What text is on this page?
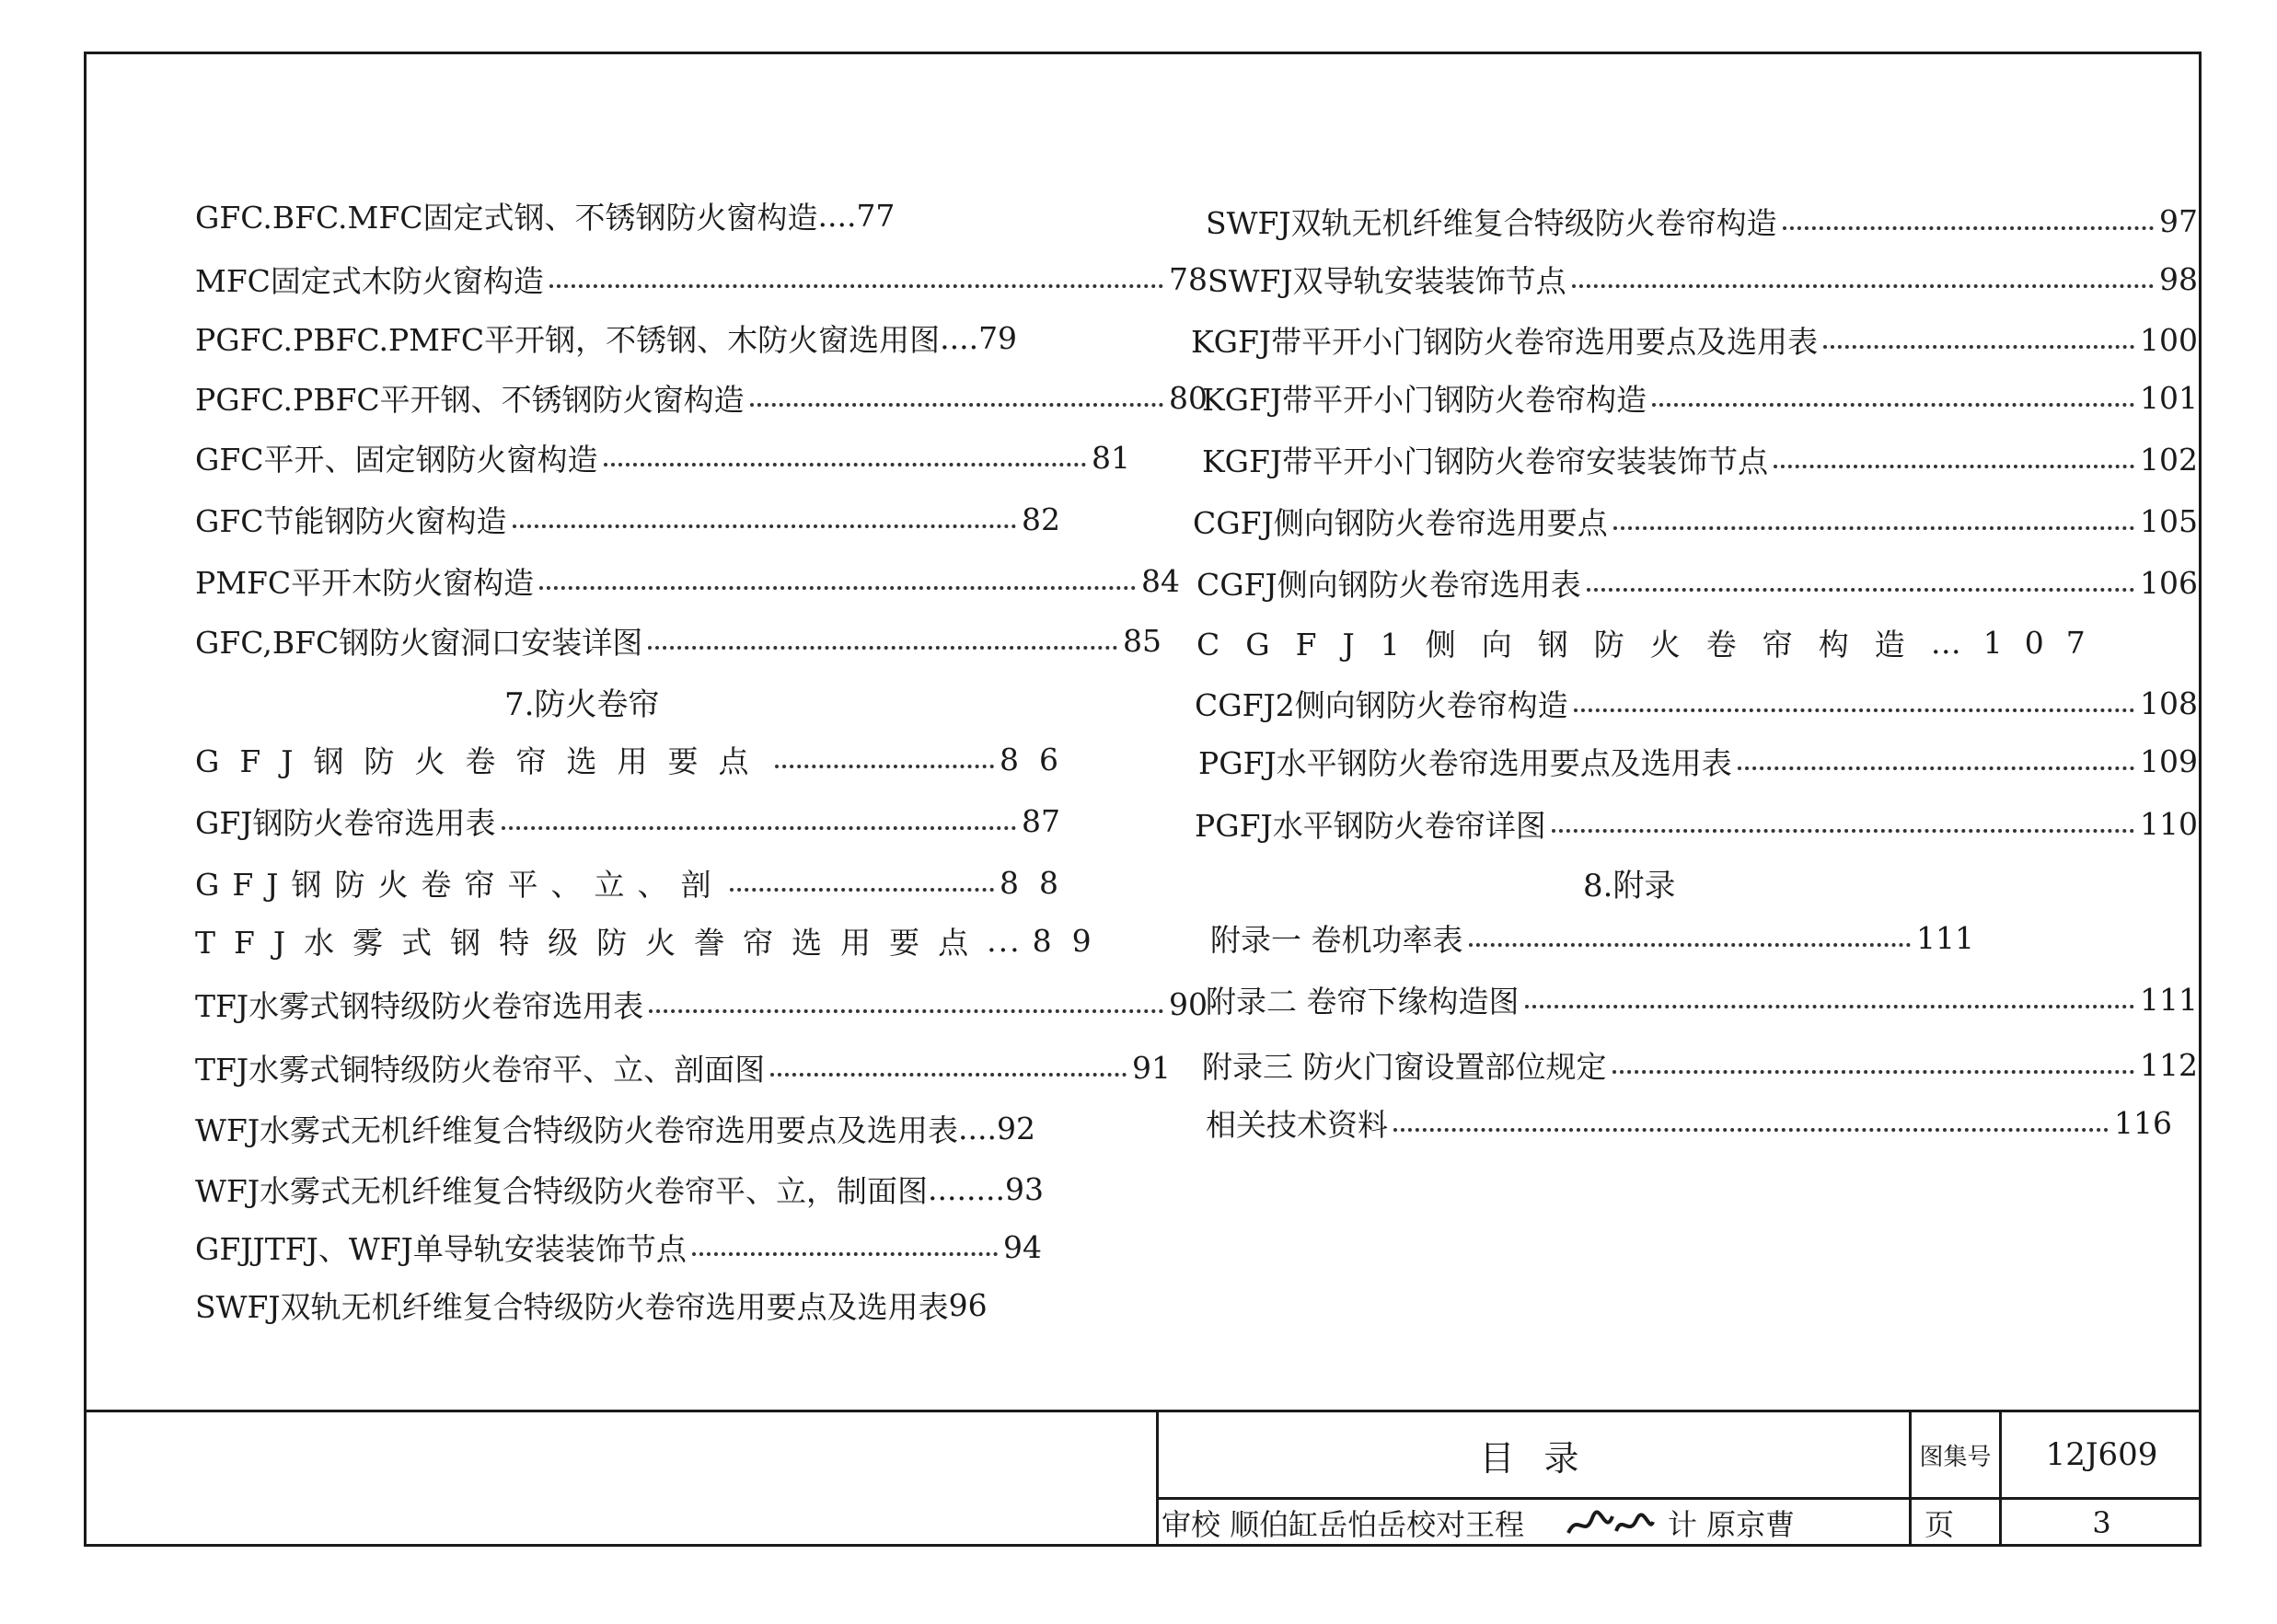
GFC.BFC.MFC固定式钢、不锈钢防火窗构造 .... 77
MFC固定式木防火窗构造	78
PGFC.PBFC.PMFC平开钢，不锈钢、木防火窗选用图 .... 79
PGFC.PBFC平开钢、不锈钢防火窗构造	80
GFC平开、固定钢防火窗构造	81
GFC节能钢防火窗构造	82
PMFC平开木防火窗构造	84
GFC,BFC钢防火窗洞口安装详图	85
7.防火卷帘
GFJ钢防火卷帘选用要点	86
GFJ钢防火卷帘选用表	87
GFJ钢防火卷帘平、立、剖	88
TFJ水雾式钢特级防火誊帘选用要点 ... 89
TFJ水雾式钢特级防火卷帘选用表	90
TFJ水雾式铜特级防火卷帘平、立、剖面图	91
WFJ水雾式无机纤维复合特级防火卷帘选用要点及选用表 .... 92
WFJ水雾式无机纤维复合特级防火卷帘平、立，制面图 ........ 93
GFJJTFJ、WFJ单导轨安装装饰节点	94
SWFJ双轨无机纤维复合特级防火卷帘选用要点及选用表 96
SWFJ双轨无机纤维复合特级防火卷帘构造	97
SWFJ双导轨安装装饰节点	98
KGFJ带平开小门钢防火卷帘选用要点及选用表	100
KGFJ带平开小门钢防火卷帘构造	101
KGFJ带平开小门钢防火卷帘安装装饰节点	102
CGFJ侧向钢防火卷帘选用要点	105
CGFJ侧向钢防火卷帘选用表	106
CGFJ1侧向钢防火卷帘构造 … 107
CGFJ2侧向钢防火卷帘构造	108
PGFJ水平钢防火卷帘选用要点及选用表	109
PGFJ水平钢防火卷帘详图	110
8.附录
附录一 卷机功率表	111
附录二 卷帘下缘构造图	111
附录三 防火门窗设置部位规定	112
相关技术资料	116
目 录	图集号	12J609
审校 顺伯缸岳怕岳校对王程	计 原京曹	页	3
